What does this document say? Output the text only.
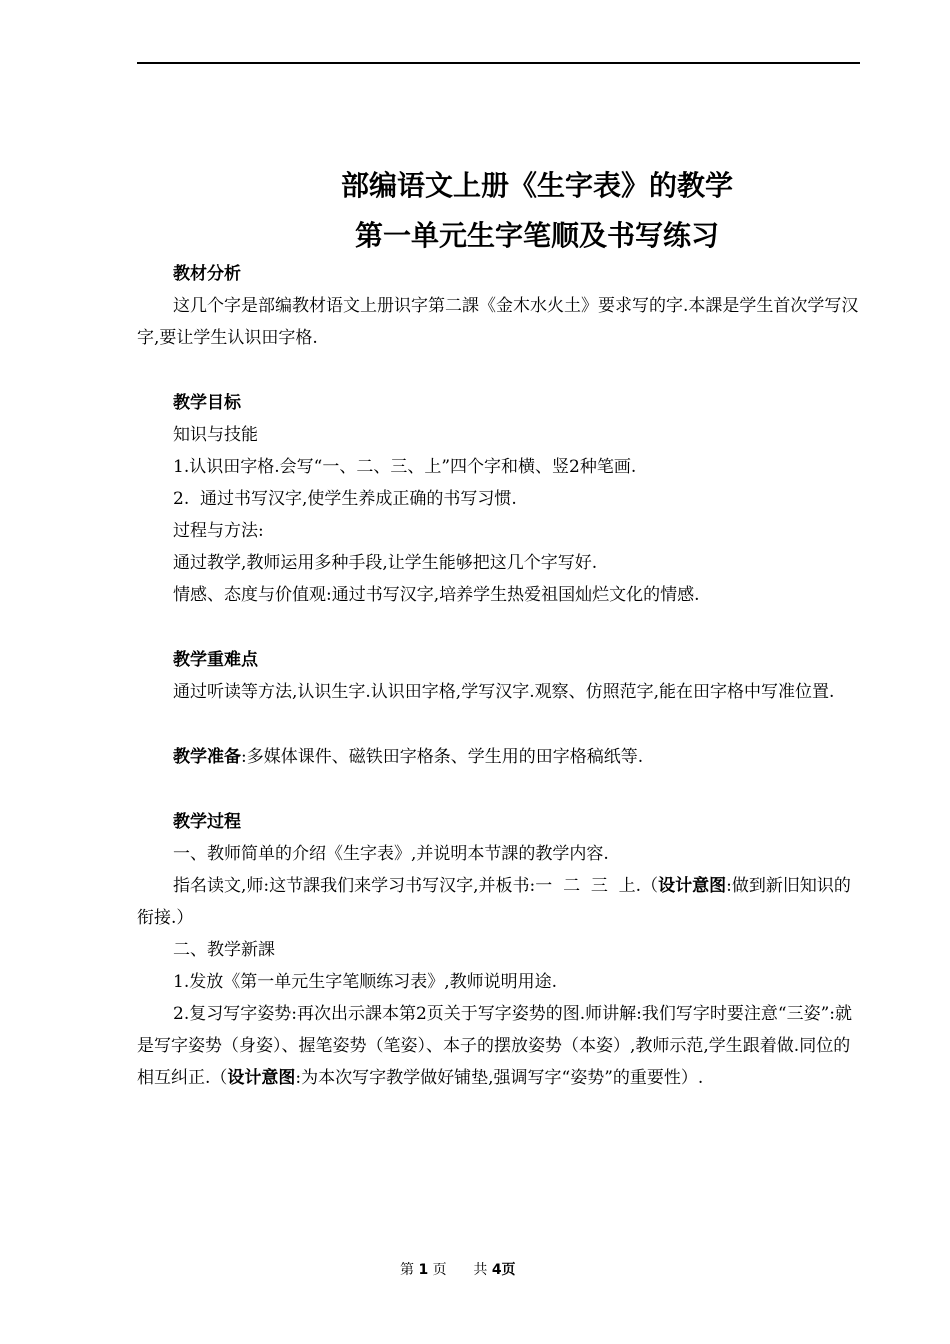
部编语文上册《生字表》的教学
第一单元生字笔顺及书写练习
教材分析
这几个字是部编教材语文上册识字第二課《金木水火土》要求写的字.本課是学生首次学写汉字,要让学生认识田字格.
教学目标
知识与技能
1.认识田字格.会写“一、二、三、上”四个字和横、竖2种笔画.
2.  通过书写汉字,使学生养成正确的书写习惯.
过程与方法:
通过教学,教师运用多种手段,让学生能够把这几个字写好.
情感、态度与价值观:通过书写汉字,培养学生热爱祖国灿烂文化的情感.
教学重难点
通过听读等方法,认识生字.认识田字格,学写汉字.观察、仿照范字,能在田字格中写准位置.
教学准备:多媒体课件、磁铁田字格条、学生用的田字格稿纸等.
教学过程
一、教师简单的介绍《生字表》,并说明本节課的教学内容.
指名读文,师:这节課我们来学习书写汉字,并板书:一  二  三  上.（设计意图:做到新旧知识的衔接.）
二、教学新課
1.发放《第一单元生字笔顺练习表》,教师说明用途.
2.复习写字姿势:再次出示課本第2页关于写字姿势的图.师讲解:我们写字时要注意“三姿”:就是写字姿势（身姿）、握笔姿势（笔姿）、本子的摆放姿势（本姿）,教师示范,学生跟着做.同位的相互纠正.（设计意图:为本次写字教学做好铺垫,强调写字“姿势”的重要性）.
第 1 页      共 4页
